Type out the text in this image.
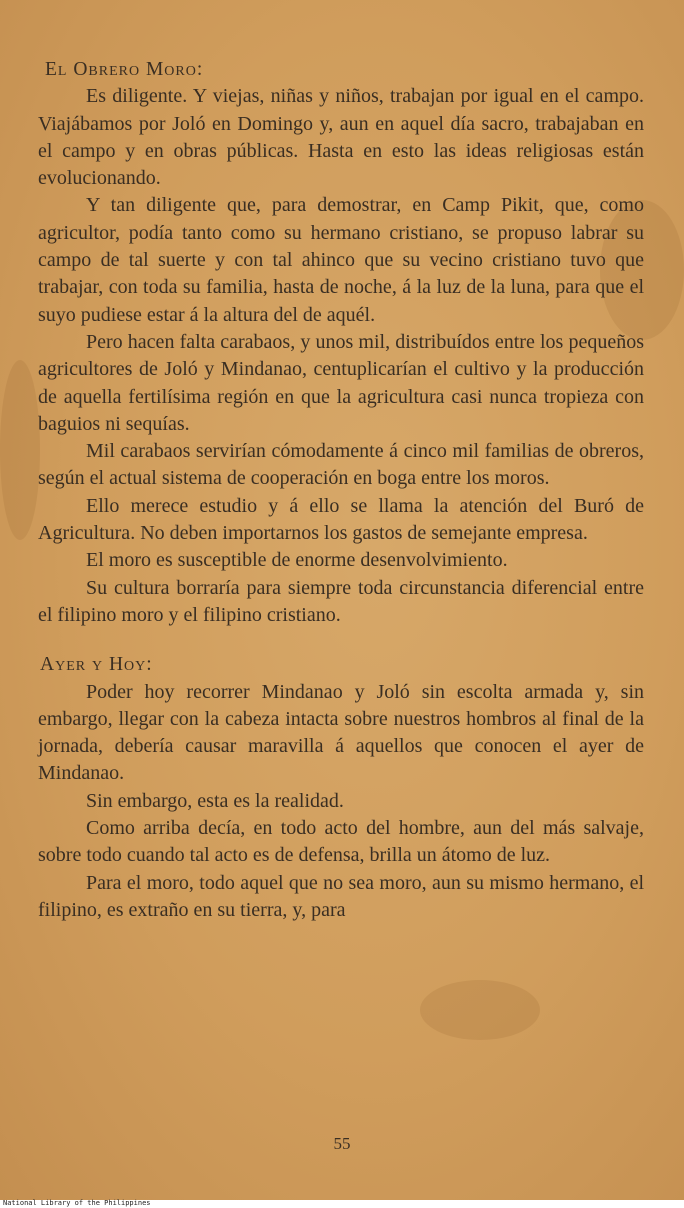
El Obrero Moro:

Es diligente. Y viejas, niñas y niños, trabajan por igual en el campo. Viajábamos por Joló en Domingo y, aun en aquel día sacro, trabajaban en el campo y en obras públicas. Hasta en esto las ideas religiosas están evolucionando.

Y tan diligente que, para demostrar, en Camp Pikit, que, como agricultor, podía tanto como su hermano cristiano, se propuso labrar su campo de tal suerte y con tal ahinco que su vecino cristiano tuvo que trabajar, con toda su familia, hasta de noche, á la luz de la luna, para que el suyo pudiese estar á la altura del de aquél.

Pero hacen falta carabaos, y unos mil, distribuídos entre los pequeños agricultores de Joló y Mindanao, centuplicarían el cultivo y la producción de aquella fertilísima región en que la agricultura casi nunca tropieza con baguios ni sequías.

Mil carabaos servirían cómodamente á cinco mil familias de obreros, según el actual sistema de cooperación en boga entre los moros.

Ello merece estudio y á ello se llama la atención del Buró de Agricultura. No deben importarnos los gastos de semejante empresa.

El moro es susceptible de enorme desenvolvimiento.

Su cultura borraría para siempre toda circunstancia diferencial entre el filipino moro y el filipino cristiano.

Ayer y Hoy:

Poder hoy recorrer Mindanao y Joló sin escolta armada y, sin embargo, llegar con la cabeza intacta sobre nuestros hombros al final de la jornada, debería causar maravilla á aquellos que conocen el ayer de Mindanao.

Sin embargo, esta es la realidad.

Como arriba decía, en todo acto del hombre, aun del más salvaje, sobre todo cuando tal acto es de defensa, brilla un átomo de luz.

Para el moro, todo aquel que no sea moro, aun su mismo hermano, el filipino, es extraño en su tierra, y, para

55
National Library of the Philippines
